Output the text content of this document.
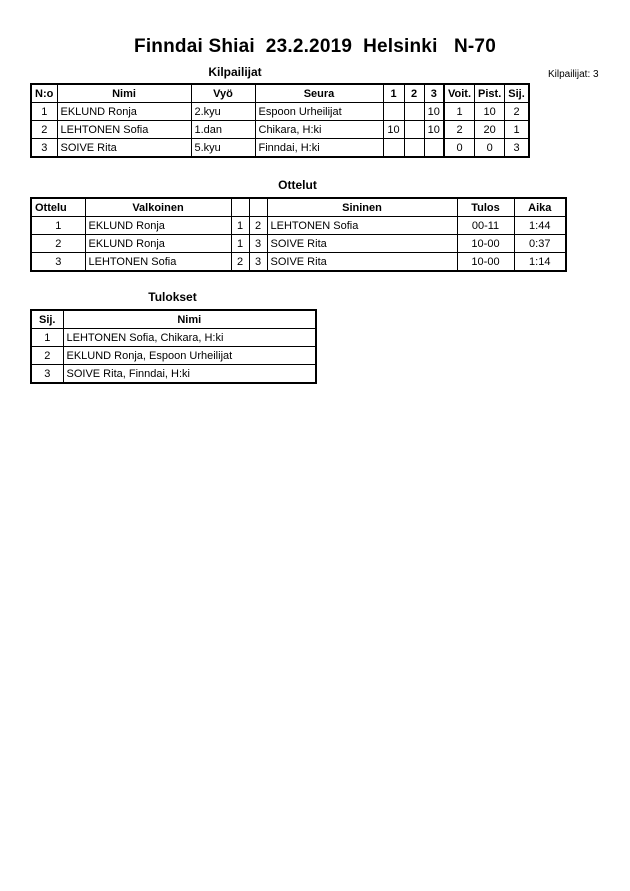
Finndai Shiai  23.2.2019  Helsinki   N-70
Kilpailijat	Kilpailijat: 3
N:o	Nimi	Vyö	Seura	1	2	3	Voit.	Pist.	Sij.
1	EKLUND Ronja	2.kyu	Espoon Urheilijat			10	1	10	2
2	LEHTONEN Sofia	1.dan	Chikara, H:ki	10		10	2	20	1
3	SOIVE Rita	5.kyu	Finndai, H:ki				0	0	3
Ottelut
Ottelu	Valkoinen			Sininen	Tulos	Aika
1	EKLUND Ronja	1	2	LEHTONEN Sofia	00-11	1:44
2	EKLUND Ronja	1	3	SOIVE Rita	10-00	0:37
3	LEHTONEN Sofia	2	3	SOIVE Rita	10-00	1:14
Tulokset
Sij.	Nimi
1	LEHTONEN Sofia, Chikara, H:ki
2	EKLUND Ronja, Espoon Urheilijat
3	SOIVE Rita, Finndai, H:ki
